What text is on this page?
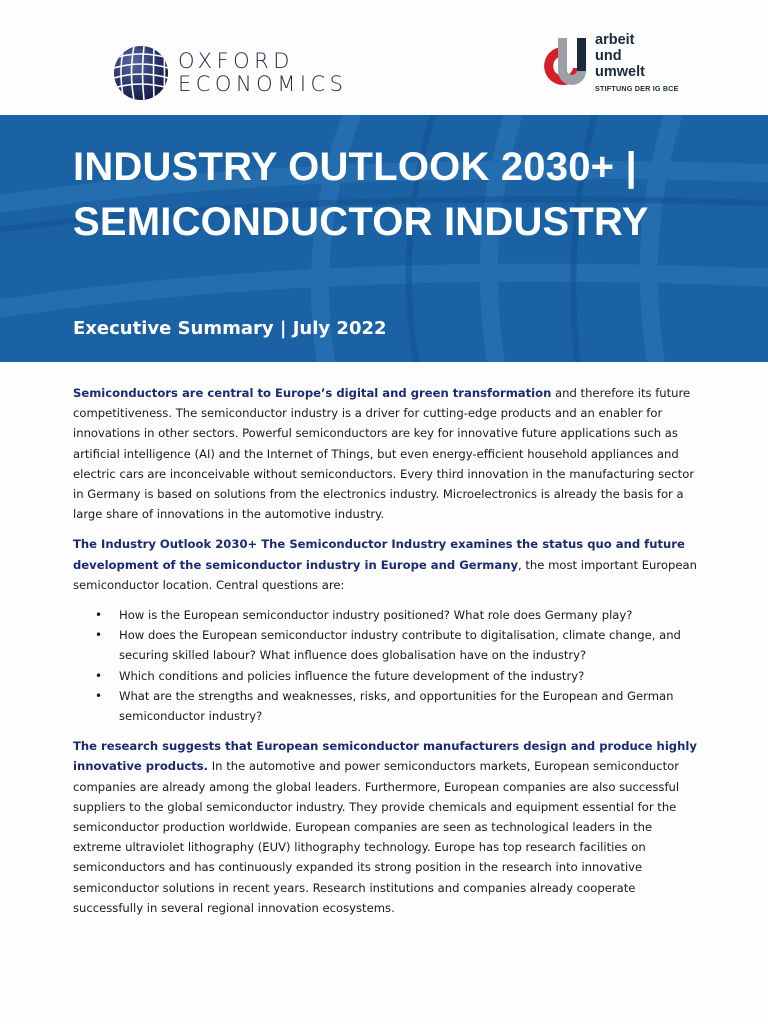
OXFORD
ECONOMICS
arbeit
und
umwelt
STIFTUNG DER IG BCE
INDUSTRY OUTLOOK 2030+ | SEMICONDUCTOR INDUSTRY
Executive Summary | July 2022

Semiconductors are central to Europe’s digital and green transformation and therefore its future competitiveness. The semiconductor industry is a driver for cutting-edge products and an enabler for innovations in other sectors. Powerful semiconductors are key for innovative future applications such as artificial intelligence (AI) and the Internet of Things, but even energy-efficient household appliances and electric cars are inconceivable without semiconductors. Every third innovation in the manufacturing sector in Germany is based on solutions from the electronics industry. Microelectronics is already the basis for a large share of innovations in the automotive industry.

The Industry Outlook 2030+ The Semiconductor Industry examines the status quo and future development of the semiconductor industry in Europe and Germany, the most important European semiconductor location. Central questions are:

• How is the European semiconductor industry positioned? What role does Germany play?
• How does the European semiconductor industry contribute to digitalisation, climate change, and securing skilled labour? What influence does globalisation have on the industry?
• Which conditions and policies influence the future development of the industry?
• What are the strengths and weaknesses, risks, and opportunities for the European and German semiconductor industry?

The research suggests that European semiconductor manufacturers design and produce highly innovative products. In the automotive and power semiconductors markets, European semiconductor companies are already among the global leaders. Furthermore, European companies are also successful suppliers to the global semiconductor industry. They provide chemicals and equipment essential for the semiconductor production worldwide. European companies are seen as technological leaders in the extreme ultraviolet lithography (EUV) lithography technology. Europe has top research facilities on semiconductors and has continuously expanded its strong position in the research into innovative semiconductor solutions in recent years. Research institutions and companies already cooperate successfully in several regional innovation ecosystems.
